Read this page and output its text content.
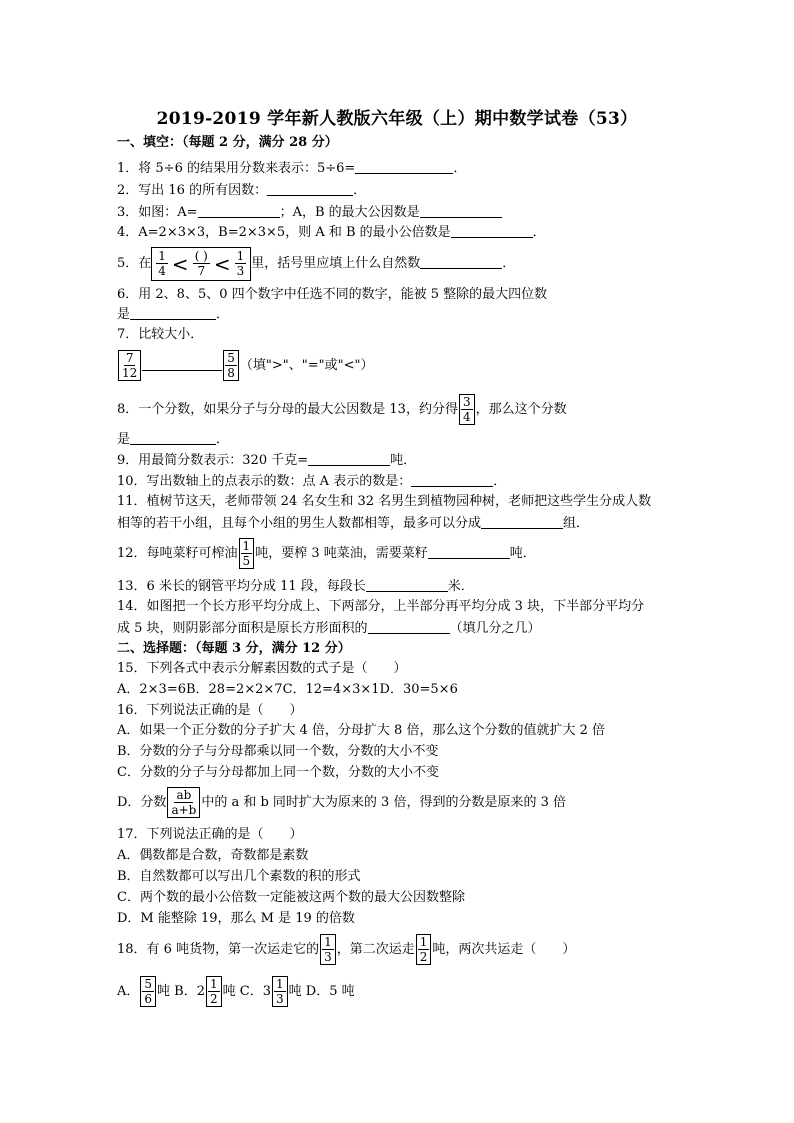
2019-2019 学年新人教版六年级（上）期中数学试卷（53）
一、填空：（每题 2 分，满分 28 分）
1．将 5÷6 的结果用分数来表示：5÷6=	．
2．写出 16 的所有因数：	．
3．如图：A=	；A，B 的最大公因数是
4．A=2×3×3，B=2×3×5，则 A 和 B 的最小公倍数是	．
5．在 $\frac{1}{4} < \frac{( )}{7} < \frac{1}{3}$ 里，括号里应填上什么自然数	．
6．用 2、8、5、0 四个数字中任选不同的数字，能被 5 整除的最大四位数
是	．
7．比较大小．
$\frac{7}{12}$	$\frac{5}{8}$ （填">"、"="或"<"）
8．一个分数，如果分子与分母的最大公因数是 13，约分得 $\frac{3}{4}$ ，那么这个分数
是	．
9．用最简分数表示：320 千克=	吨．
10．写出数轴上的点表示的数：点 A 表示的数是：	．
11．植树节这天，老师带领 24 名女生和 32 名男生到植物园种树，老师把这些学生分成人数
相等的若干小组，且每个小组的男生人数都相等，最多可以分成	组．
12．每吨菜籽可榨油 $\frac{1}{5}$ 吨，要榨 3 吨菜油，需要菜籽	吨．
13．6 米长的钢管平均分成 11 段，每段长	米．
14．如图把一个长方形平均分成上、下两部分，上半部分再平均分成 3 块，下半部分平均分
成 5 块，则阴影部分面积是原长方形面积的	（填几分之几）
二、选择题：（每题 3 分，满分 12 分）
15．下列各式中表示分解素因数的式子是（　　）
A．2×3=6B．28=2×2×7C．12=4×3×1D．30=5×6
16．下列说法正确的是（　　）
A．如果一个正分数的分子扩大 4 倍，分母扩大 8 倍，那么这个分数的值就扩大 2 倍
B．分数的分子与分母都乘以同一个数，分数的大小不变
C．分数的分子与分母都加上同一个数，分数的大小不变
D．分数 $\frac{ab}{a+b}$ 中的 a 和 b 同时扩大为原来的 3 倍，得到的分数是原来的 3 倍
17．下列说法正确的是（　　）
A．偶数都是合数，奇数都是素数
B．自然数都可以写出几个素数的积的形式
C．两个数的最小公倍数一定能被这两个数的最大公因数整除
D．M 能整除 19，那么 M 是 19 的倍数
18．有 6 吨货物，第一次运走它的 $\frac{1}{3}$ ，第二次运走 $\frac{1}{2}$ 吨，两次共运走（　　）
A． $\frac{5}{6}$ 吨 B．$2 \frac{1}{2}$ 吨 C．$3 \frac{1}{3}$ 吨 D．5 吨
